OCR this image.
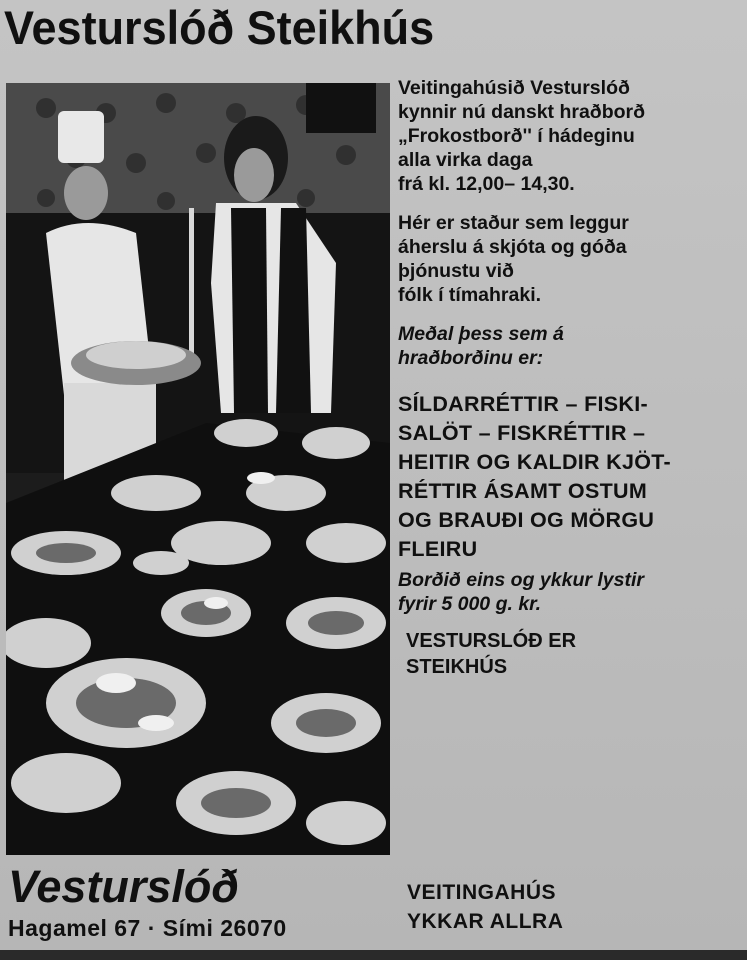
Vesturslóð Steikhús

Veitingahúsið Vesturslóð

kynnir nú danskt hraðborð

„Frokostborð'' í hádeginu

alla virka daga

frá kl. 12,00– 14,30.

Hér er staður sem leggur

áherslu á skjóta og góða

þjónustu við

fólk í tímahraki.

Meðal þess sem á

hraðborðinu er:

SÍLDARRÉTTIR – FISKI-

SALÖT – FISKRÉTTIR –

HEITIR OG KALDIR KJÖT-

RÉTTIR ÁSAMT OSTUM

OG BRAUÐI OG MÖRGU

FLEIRU

Borðið eins og ykkur lystir

fyrir 5 000 g. kr.

VESTURSLÓÐ ER

STEIKHÚS

Vesturslóð
Hagamel 67 · Sími 26070
VEITINGAHÚS
YKKAR ALLRA
